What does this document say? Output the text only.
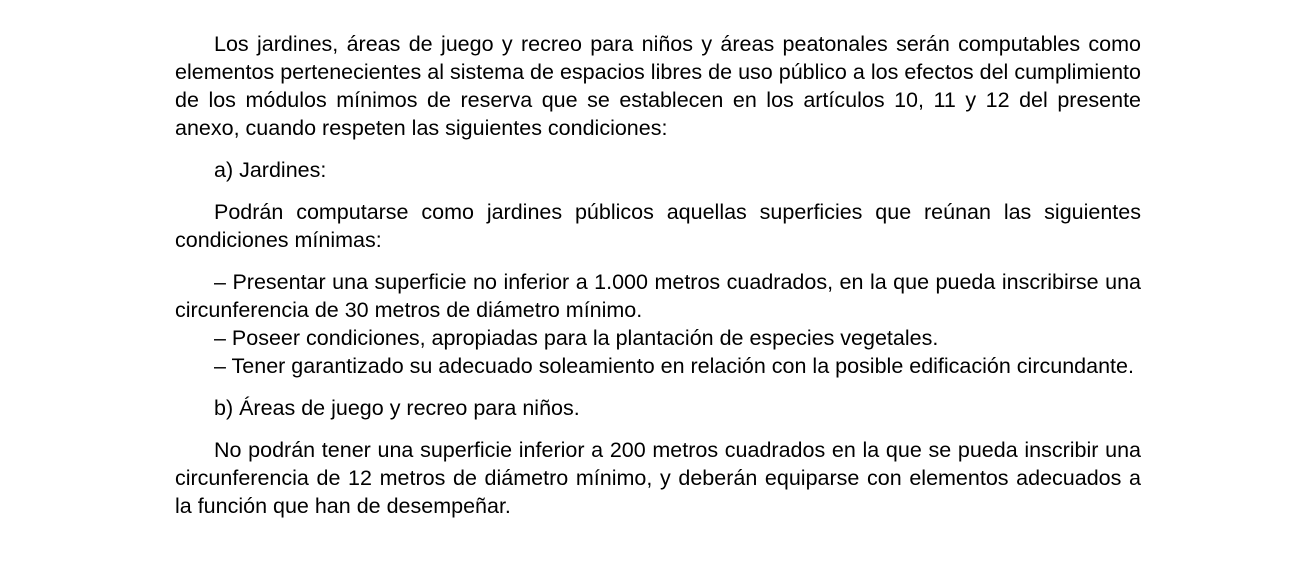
Los jardines, áreas de juego y recreo para niños y áreas peatonales serán computables como elementos pertenecientes al sistema de espacios libres de uso público a los efectos del cumplimiento de los módulos mínimos de reserva que se establecen en los artículos 10, 11 y 12 del presente anexo, cuando respeten las siguientes condiciones:

a) Jardines:

Podrán computarse como jardines públicos aquellas superficies que reúnan las siguientes condiciones mínimas:

– Presentar una superficie no inferior a 1.000 metros cuadrados, en la que pueda inscribirse una circunferencia de 30 metros de diámetro mínimo.

– Poseer condiciones, apropiadas para la plantación de especies vegetales.

– Tener garantizado su adecuado soleamiento en relación con la posible edificación circundante.

b) Áreas de juego y recreo para niños.

No podrán tener una superficie inferior a 200 metros cuadrados en la que se pueda inscribir una circunferencia de 12 metros de diámetro mínimo, y deberán equiparse con elementos adecuados a la función que han de desempeñar.
